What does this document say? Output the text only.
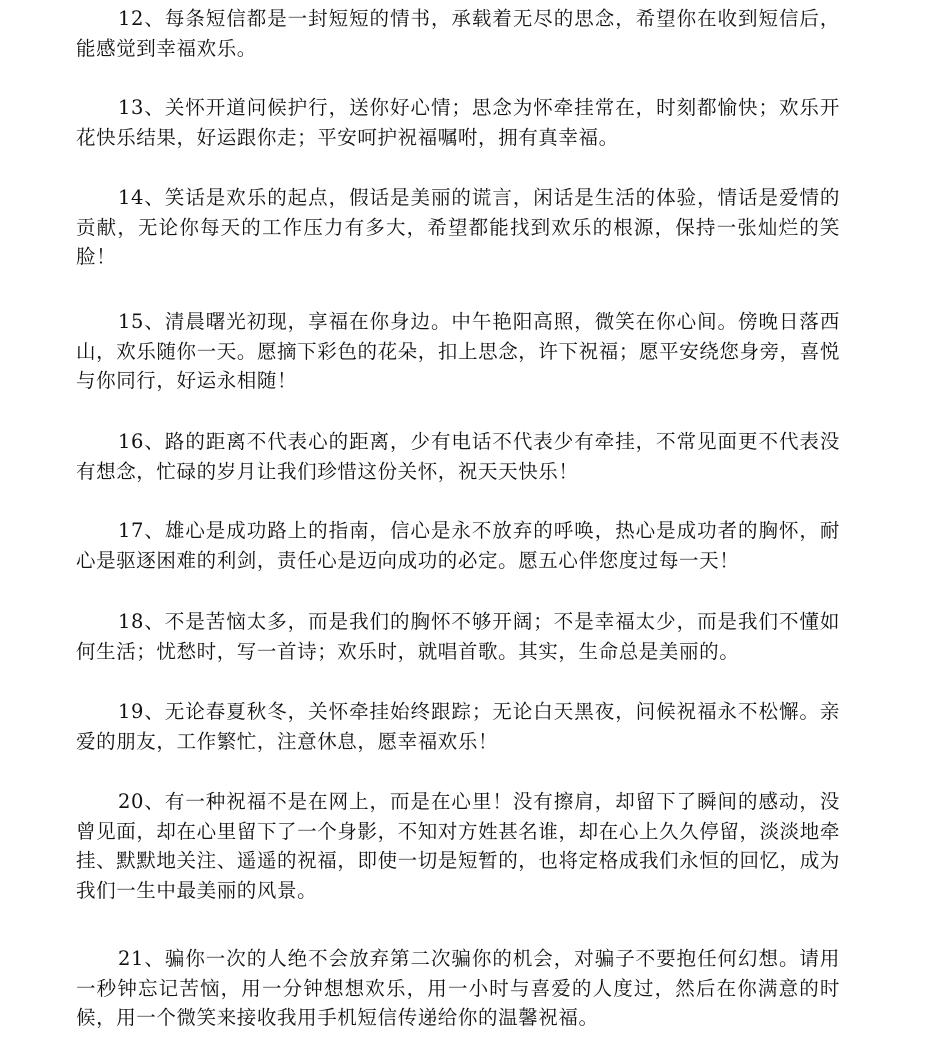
12、每条短信都是一封短短的情书，承载着无尽的思念，希望你在收到短信后，能感觉到幸福欢乐。

13、关怀开道问候护行，送你好心情；思念为怀牵挂常在，时刻都愉快；欢乐开花快乐结果，好运跟你走；平安呵护祝福嘱咐，拥有真幸福。

14、笑话是欢乐的起点，假话是美丽的谎言，闲话是生活的体验，情话是爱情的贡献，无论你每天的工作压力有多大，希望都能找到欢乐的根源，保持一张灿烂的笑脸！

15、清晨曙光初现，享福在你身边。中午艳阳高照，微笑在你心间。傍晚日落西山，欢乐随你一天。愿摘下彩色的花朵，扣上思念，许下祝福；愿平安绕您身旁，喜悦与你同行，好运永相随！

16、路的距离不代表心的距离，少有电话不代表少有牵挂，不常见面更不代表没有想念，忙碌的岁月让我们珍惜这份关怀，祝天天快乐！

17、雄心是成功路上的指南，信心是永不放弃的呼唤，热心是成功者的胸怀，耐心是驱逐困难的利剑，责任心是迈向成功的必定。愿五心伴您度过每一天！

18、不是苦恼太多，而是我们的胸怀不够开阔；不是幸福太少，而是我们不懂如何生活；忧愁时，写一首诗；欢乐时，就唱首歌。其实，生命总是美丽的。

19、无论春夏秋冬，关怀牵挂始终跟踪；无论白天黑夜，问候祝福永不松懈。亲爱的朋友，工作繁忙，注意休息，愿幸福欢乐！

20、有一种祝福不是在网上，而是在心里！没有擦肩，却留下了瞬间的感动，没曾见面，却在心里留下了一个身影，不知对方姓甚名谁，却在心上久久停留，淡淡地牵挂、默默地关注、遥遥的祝福，即使一切是短暂的，也将定格成我们永恒的回忆，成为我们一生中最美丽的风景。

21、骗你一次的人绝不会放弃第二次骗你的机会，对骗子不要抱任何幻想。请用一秒钟忘记苦恼，用一分钟想想欢乐，用一小时与喜爱的人度过，然后在你满意的时候，用一个微笑来接收我用手机短信传递给你的温馨祝福。
